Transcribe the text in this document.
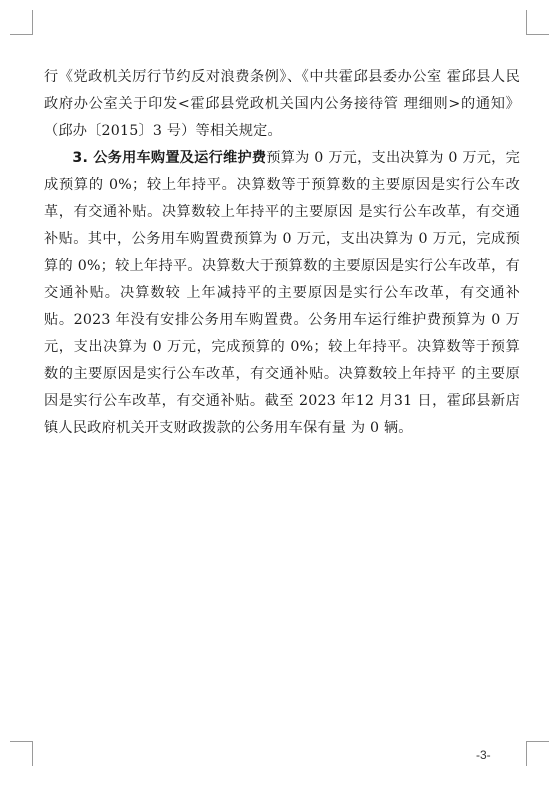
行《党政机关厉行节约反对浪费条例》、《中共霍邱县委办公室 霍邱县人民政府办公室关于印发<霍邱县党政机关国内公务接待管 理细则>的通知》（邱办〔2015〕3 号）等相关规定。

3. 公务用车购置及运行维护费预算为 0 万元，支出决算为 0 万元，完成预算的 0%；较上年持平。决算数等于预算数的主要原因是实行公车改革，有交通补贴。决算数较上年持平的主要原因 是实行公车改革，有交通补贴。其中，公务用车购置费预算为 0 万元，支出决算为 0 万元，完成预算的 0%；较上年持平。决算数大于预算数的主要原因是实行公车改革，有交通补贴。决算数较 上年减持平的主要原因是实行公车改革，有交通补贴。2023 年没有安排公务用车购置费。公务用车运行维护费预算为 0 万元，支出决算为 0 万元，完成预算的 0%；较上年持平。决算数等于预算数的主要原因是实行公车改革，有交通补贴。决算数较上年持平 的主要原因是实行公车改革，有交通补贴。截至 2023 年12 月31 日，霍邱县新店镇人民政府机关开支财政拨款的公务用车保有量 为 0 辆。

-3-
